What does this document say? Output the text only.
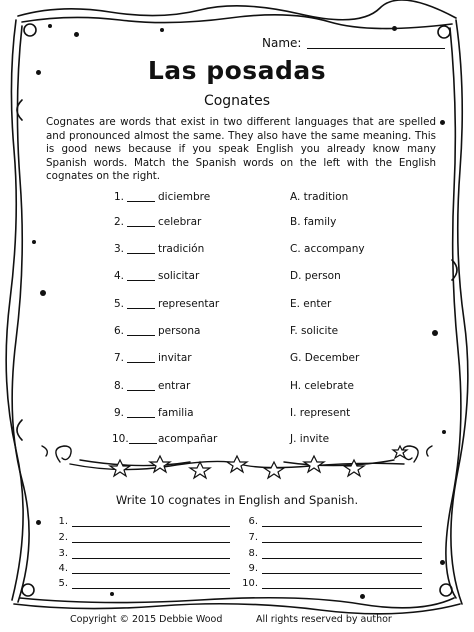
Name:
Las posadas
Cognates
Cognates are words that exist in two different languages that are spelled and pronounced almost the same. They also have the same meaning. This is good news because if you speak English you already know many Spanish words. Match the Spanish words on the left with the English cognates on the right.
1.	diciembre	A. tradition
2.	celebrar	B. family
3.	tradición	C. accompany
4.	solicitar	D. person
5.	representar	E. enter
6.	persona	F. solicite
7.	invitar	G. December
8.	entrar	H. celebrate
9.	familia	I. represent
10.	acompañar	J. invite
Write 10 cognates in English and Spanish.
1.
2.
3.
4.
5.
6.
7.
8.
9.
10.
Copyright © 2015 Debbie Wood	All rights reserved by author
